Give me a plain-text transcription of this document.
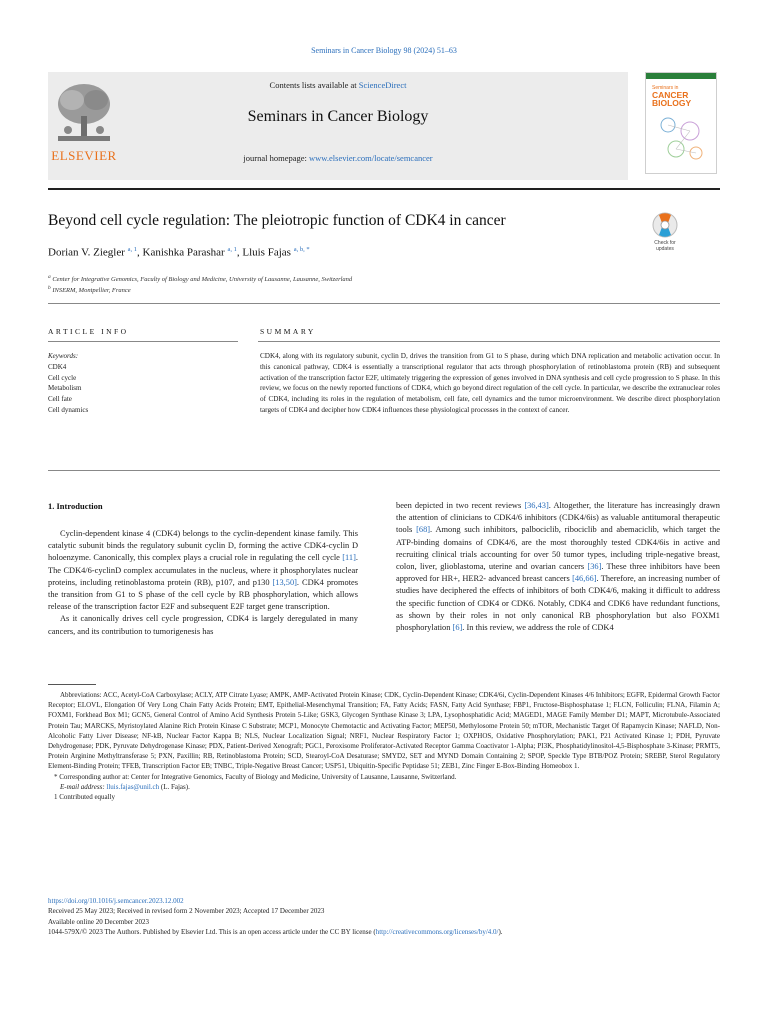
Seminars in Cancer Biology 98 (2024) 51–63
ELSEVIER
Contents lists available at ScienceDirect
Seminars in Cancer Biology
journal homepage: www.elsevier.com/locate/semcancer
Seminars in
CANCER
BIOLOGY
Beyond cell cycle regulation: The pleiotropic function of CDK4 in cancer
Check for updates
Dorian V. Ziegler $^{a, 1}$, Kanishka Parashar $^{a, 1}$, Lluis Fajas $^{a, b, *}$
$^a$ Center for Integrative Genomics, Faculty of Biology and Medicine, University of Lausanne, Lausanne, Switzerland
$^b$ INSERM, Montpellier, France
ARTICLE INFO	SUMMARY
Keywords:
CDK4
Cell cycle
Metabolism
Cell fate
Cell dynamics
CDK4, along with its regulatory subunit, cyclin D, drives the transition from G1 to S phase, during which DNA replication and metabolic activation occur. In this canonical pathway, CDK4 is essentially a transcriptional regulator that acts through phosphorylation of retinoblastoma protein (RB) and subsequent activation of the transcription factor E2F, ultimately triggering the expression of genes involved in DNA synthesis and cell cycle progression to S phase. In this review, we focus on the newly reported functions of CDK4, which go beyond direct regulation of the cell cycle. In particular, we describe the extranuclear roles of CDK4, including its roles in the regulation of metabolism, cell fate, cell dynamics and the tumor microenvironment. We describe direct phosphorylation targets of CDK4 and decipher how CDK4 influences these physiological processes in the context of cancer.
1. Introduction

Cyclin-dependent kinase 4 (CDK4) belongs to the cyclin-dependent kinase family. This catalytic subunit binds the regulatory subunit cyclin D, forming the active CDK4-cyclin D holoenzyme. Canonically, this complex plays a crucial role in regulating the cell cycle [11]. The CDK4/6-cyclinD complex accumulates in the nucleus, where it phosphorylates nuclear proteins, including retinoblastoma protein (RB), p107, and p130 [13,50]. CDK4 promotes the transition from G1 to S phase of the cell cycle by RB phosphorylation, which allows release of the transcription factor E2F and subsequent E2F target gene transcription.

As it canonically drives cell cycle progression, CDK4 is largely deregulated in many cancers, and its contribution to tumorigenesis has

been depicted in two recent reviews [36,43]. Altogether, the literature has increasingly drawn the attention of clinicians to CDK4/6 inhibitors (CDK4/6is) as valuable antitumoral therapeutic tools [68]. Among such inhibitors, palbociclib, ribociclib and abemaciclib, which target the ATP-binding domains of CDK4/6, are the most thoroughly tested CDK4/6is in active and recruiting clinical trials accounting for over 50 tumor types, including triple-negative breast, colon, liver, glioblastoma, uterine and ovarian cancers [36]. These three inhibitors have been approved for HR+, HER2- advanced breast cancers [46,66]. Therefore, an increasing number of studies have deciphered the effects of inhibitors of both CDK4/6, making it difficult to address the specific function of CDK4 or CDK6. Notably, CDK4 and CDK6 have redundant functions, as shown by their roles in not only canonical RB phosphorylation but also FOXM1 phosphorylation [6]. In this review, we address the role of CDK4

Abbreviations: ACC, Acetyl-CoA Carboxylase; ACLY, ATP Citrate Lyase; AMPK, AMP-Activated Protein Kinase; CDK, Cyclin-Dependent Kinase; CDK4/6i, Cyclin-Dependent Kinases 4/6 Inhibitors; EGFR, Epidermal Growth Factor Receptor; ELOVL, Elongation Of Very Long Chain Fatty Acids Protein; EMT, Epithelial-Mesenchymal Transition; FA, Fatty Acids; FASN, Fatty Acid Synthase; FBP1, Fructose-Bisphosphatase 1; FLCN, Folliculin; FLNA, Filamin A; FOXM1, Forkhead Box M1; GCN5, General Control of Amino Acid Synthesis Protein 5-Like; GSK3, Glycogen Synthase Kinase 3; LPA, Lysophosphatidic Acid; MAGED1, MAGE Family Member D1; MAPT, Microtubule-Associated Protein Tau; MARCKS, Myristoylated Alanine Rich Protein Kinase C Substrate; MCP1, Monocyte Chemotactic and Activating Factor; MEP50, Methylosome Protein 50; mTOR, Mechanistic Target Of Rapamycin Kinase; NAFLD, Non-Alcoholic Fatty Liver Disease; NF-kB, Nuclear Factor Kappa B; NLS, Nuclear Localization Signal; NRF1, Nuclear Respiratory Factor 1; OXPHOS, Oxidative Phosphorylation; PAK1, P21 Activated Kinase 1; PDH, Pyruvate Dehydrogenase; PDK, Pyruvate Dehydrogenase Kinase; PDX, Patient-Derived Xenograft; PGC1, Peroxisome Proliferator-Activated Receptor Gamma Coactivator 1-Alpha; PI3K, Phosphatidylinositol-4,5-Bisphosphate 3-Kinase; PRMT5, Protein Arginine Methyltransferase 5; PXN, Paxillin; RB, Retinoblastoma Protein; SCD, Stearoyl-CoA Desaturase; SMYD2, SET and MYND Domain Containing 2; SPOP, Speckle Type BTB/POZ Protein; SREBP, Sterol Regulatory Element-Binding Protein; TFEB, Transcription Factor EB; TNBC, Triple-Negative Breast Cancer; USP51, Ubiquitin-Specific Peptidase 51; ZEB1, Zinc Finger E-Box-Binding Homeobox 1.

* Corresponding author at: Center for Integrative Genomics, Faculty of Biology and Medicine, University of Lausanne, Lausanne, Switzerland.

E-mail address: lluis.fajas@unil.ch (L. Fajas).

1 Contributed equally

https://doi.org/10.1016/j.semcancer.2023.12.002

Received 25 May 2023; Received in revised form 2 November 2023; Accepted 17 December 2023

Available online 20 December 2023

1044-579X/© 2023 The Authors. Published by Elsevier Ltd. This is an open access article under the CC BY license (http://creativecommons.org/licenses/by/4.0/).
